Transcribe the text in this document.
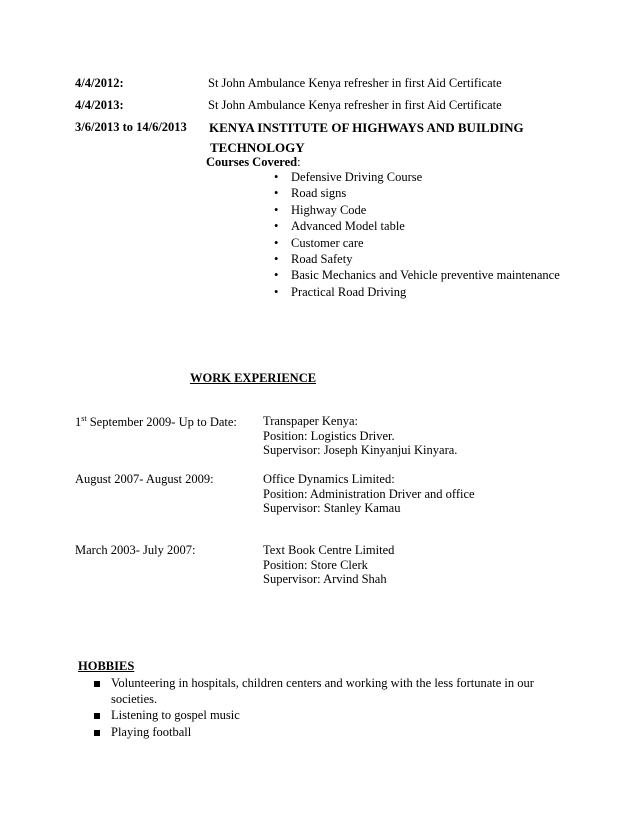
4/4/2012:	St John Ambulance Kenya refresher in first Aid Certificate
4/4/2013:	St John Ambulance Kenya refresher in first Aid Certificate
3/6/2013 to 14/6/2013 KENYA INSTITUTE OF HIGHWAYS AND BUILDING
TECHNOLOGY
Courses Covered:
• Defensive Driving Course
• Road signs
• Highway Code
• Advanced Model table
• Customer care
• Road Safety
• Basic Mechanics and Vehicle preventive maintenance
• Practical Road Driving
WORK EXPERIENCE
1st September 2009- Up to Date: Transpaper Kenya:
Position: Logistics Driver.
Supervisor: Joseph Kinyanjui Kinyara.
August 2007- August 2009:	Office Dynamics Limited:
Position: Administration Driver and office
Supervisor: Stanley Kamau
March 2003- July 2007:	Text Book Centre Limited
Position: Store Clerk
Supervisor: Arvind Shah
HOBBIES
Volunteering in hospitals, children centers and working with the less fortunate in our societies.
Listening to gospel music
Playing football
